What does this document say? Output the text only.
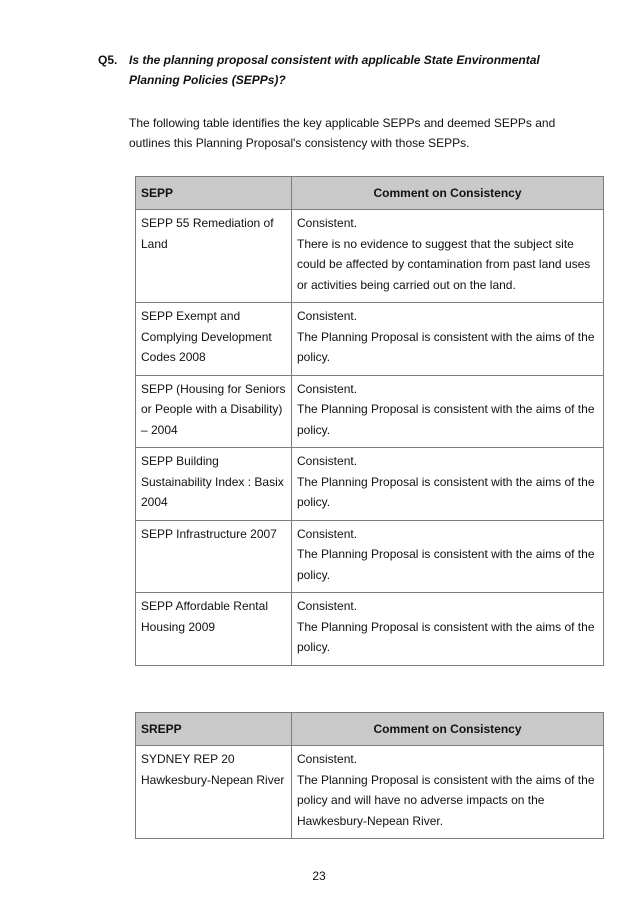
Q5. Is the planning proposal consistent with applicable State Environmental Planning Policies (SEPPs)?
The following table identifies the key applicable SEPPs and deemed SEPPs and outlines this Planning Proposal's consistency with those SEPPs.
SEPP	Comment on Consistency
SEPP 55 Remediation of Land	Consistent.
There is no evidence to suggest that the subject site could be affected by contamination from past land uses or activities being carried out on the land.

SEPP Exempt and Complying Development Codes 2008	Consistent.
The Planning Proposal is consistent with the aims of the policy.

SEPP (Housing for Seniors or People with a Disability) – 2004	Consistent.
The Planning Proposal is consistent with the aims of the policy.

SEPP Building Sustainability Index : Basix 2004	Consistent.
The Planning Proposal is consistent with the aims of the policy.

SEPP Infrastructure 2007	Consistent.
The Planning Proposal is consistent with the aims of the policy.

SEPP Affordable Rental Housing 2009	Consistent.
The Planning Proposal is consistent with the aims of the policy.
SREPP	Comment on Consistency
SYDNEY REP 20 Hawkesbury-Nepean River	Consistent.
The Planning Proposal is consistent with the aims of the policy and will have no adverse impacts on the Hawkesbury-Nepean River.
23
